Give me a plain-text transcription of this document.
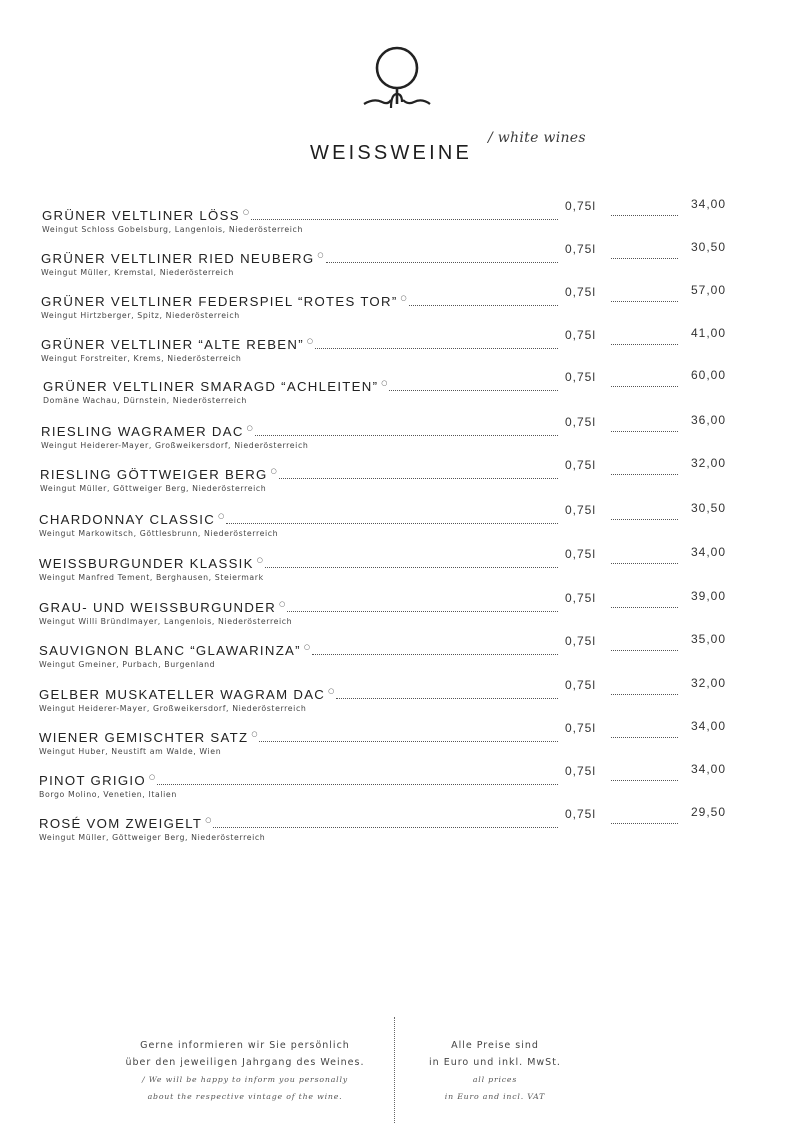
WEISSWEINE
/ white wines
GRÜNER VELTLINER LÖSS ○
Weingut Schloss Gobelsburg, Langenlois, Niederösterreich
0,75l	34,00
GRÜNER VELTLINER RIED NEUBERG ○
Weingut Müller, Kremstal, Niederösterreich
0,75l	30,50
GRÜNER VELTLINER FEDERSPIEL “ROTES TOR” ○
Weingut Hirtzberger, Spitz, Niederösterreich
0,75l	57,00
GRÜNER VELTLINER “ALTE REBEN” ○
Weingut Forstreiter, Krems, Niederösterreich
0,75l	41,00
GRÜNER VELTLINER SMARAGD “ACHLEITEN” ○
Domäne Wachau, Dürnstein, Niederösterreich
0,75l	60,00
RIESLING WAGRAMER DAC ○
Weingut Heiderer-Mayer, Großweikersdorf, Niederösterreich
0,75l	36,00
RIESLING GÖTTWEIGER BERG ○
Weingut Müller, Göttweiger Berg, Niederösterreich
0,75l	32,00
CHARDONNAY CLASSIC ○
Weingut Markowitsch, Göttlesbrunn, Niederösterreich
0,75l	30,50
WEISSBURGUNDER KLASSIK ○
Weingut Manfred Tement, Berghausen, Steiermark
0,75l	34,00
GRAU- UND WEISSBURGUNDER ○
Weingut Willi Bründlmayer, Langenlois, Niederösterreich
0,75l	39,00
SAUVIGNON BLANC “GLAWARINZA” ○
Weingut Gmeiner, Purbach, Burgenland
0,75l	35,00
GELBER MUSKATELLER WAGRAM DAC ○
Weingut Heiderer-Mayer, Großweikersdorf, Niederösterreich
0,75l	32,00
WIENER GEMISCHTER SATZ ○
Weingut Huber, Neustift am Walde, Wien
0,75l	34,00
PINOT GRIGIO ○
Borgo Molino, Venetien, Italien
0,75l	34,00
ROSÉ VOM ZWEIGELT ○
Weingut Müller, Göttweiger Berg, Niederösterreich
0,75l	29,50
Gerne informieren wir Sie persönlich
über den jeweiligen Jahrgang des Weines.
/ We will be happy to inform you personally
about the respective vintage of the wine.
Alle Preise sind
in Euro und inkl. MwSt.
all prices
in Euro and incl. VAT
